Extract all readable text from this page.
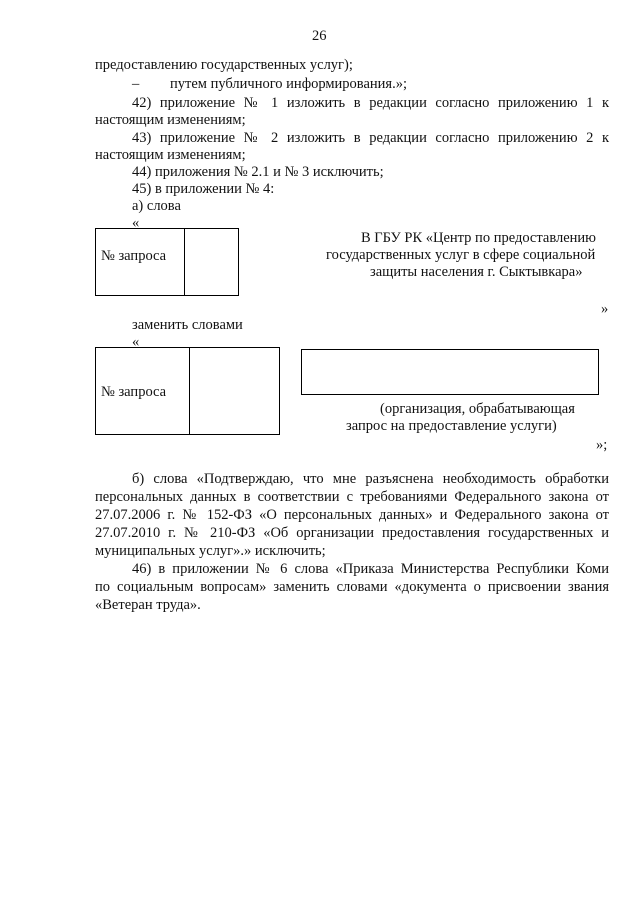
26
предоставлению государственных услуг);
– путем публичного информирования.»;
42) приложение № 1 изложить в редакции согласно приложению 1 к
настоящим изменениям;
43) приложение № 2 изложить в редакции согласно приложению 2 к
настоящим изменениям;
44) приложения № 2.1 и № 3 исключить;
45) в приложении № 4:
а) слова
«
№ запроса
В ГБУ РК «Центр по предоставлению
государственных услуг в сфере социальной
защиты населения г. Сыктывкара»
»
заменить словами
«
№ запроса
(организация, обрабатывающая
запрос на предоставление услуги)
»;
б) слова «Подтверждаю, что мне разъяснена необходимость обработки
персональных данных в соответствии с требованиями Федерального закона от
27.07.2006 г. № 152-ФЗ «О персональных данных» и Федерального закона от
27.07.2010 г. № 210-ФЗ «Об организации предоставления государственных и
муниципальных услуг».» исключить;
46) в приложении № 6 слова «Приказа Министерства Республики Коми
по социальным вопросам» заменить словами «документа о присвоении звания
«Ветеран труда».
